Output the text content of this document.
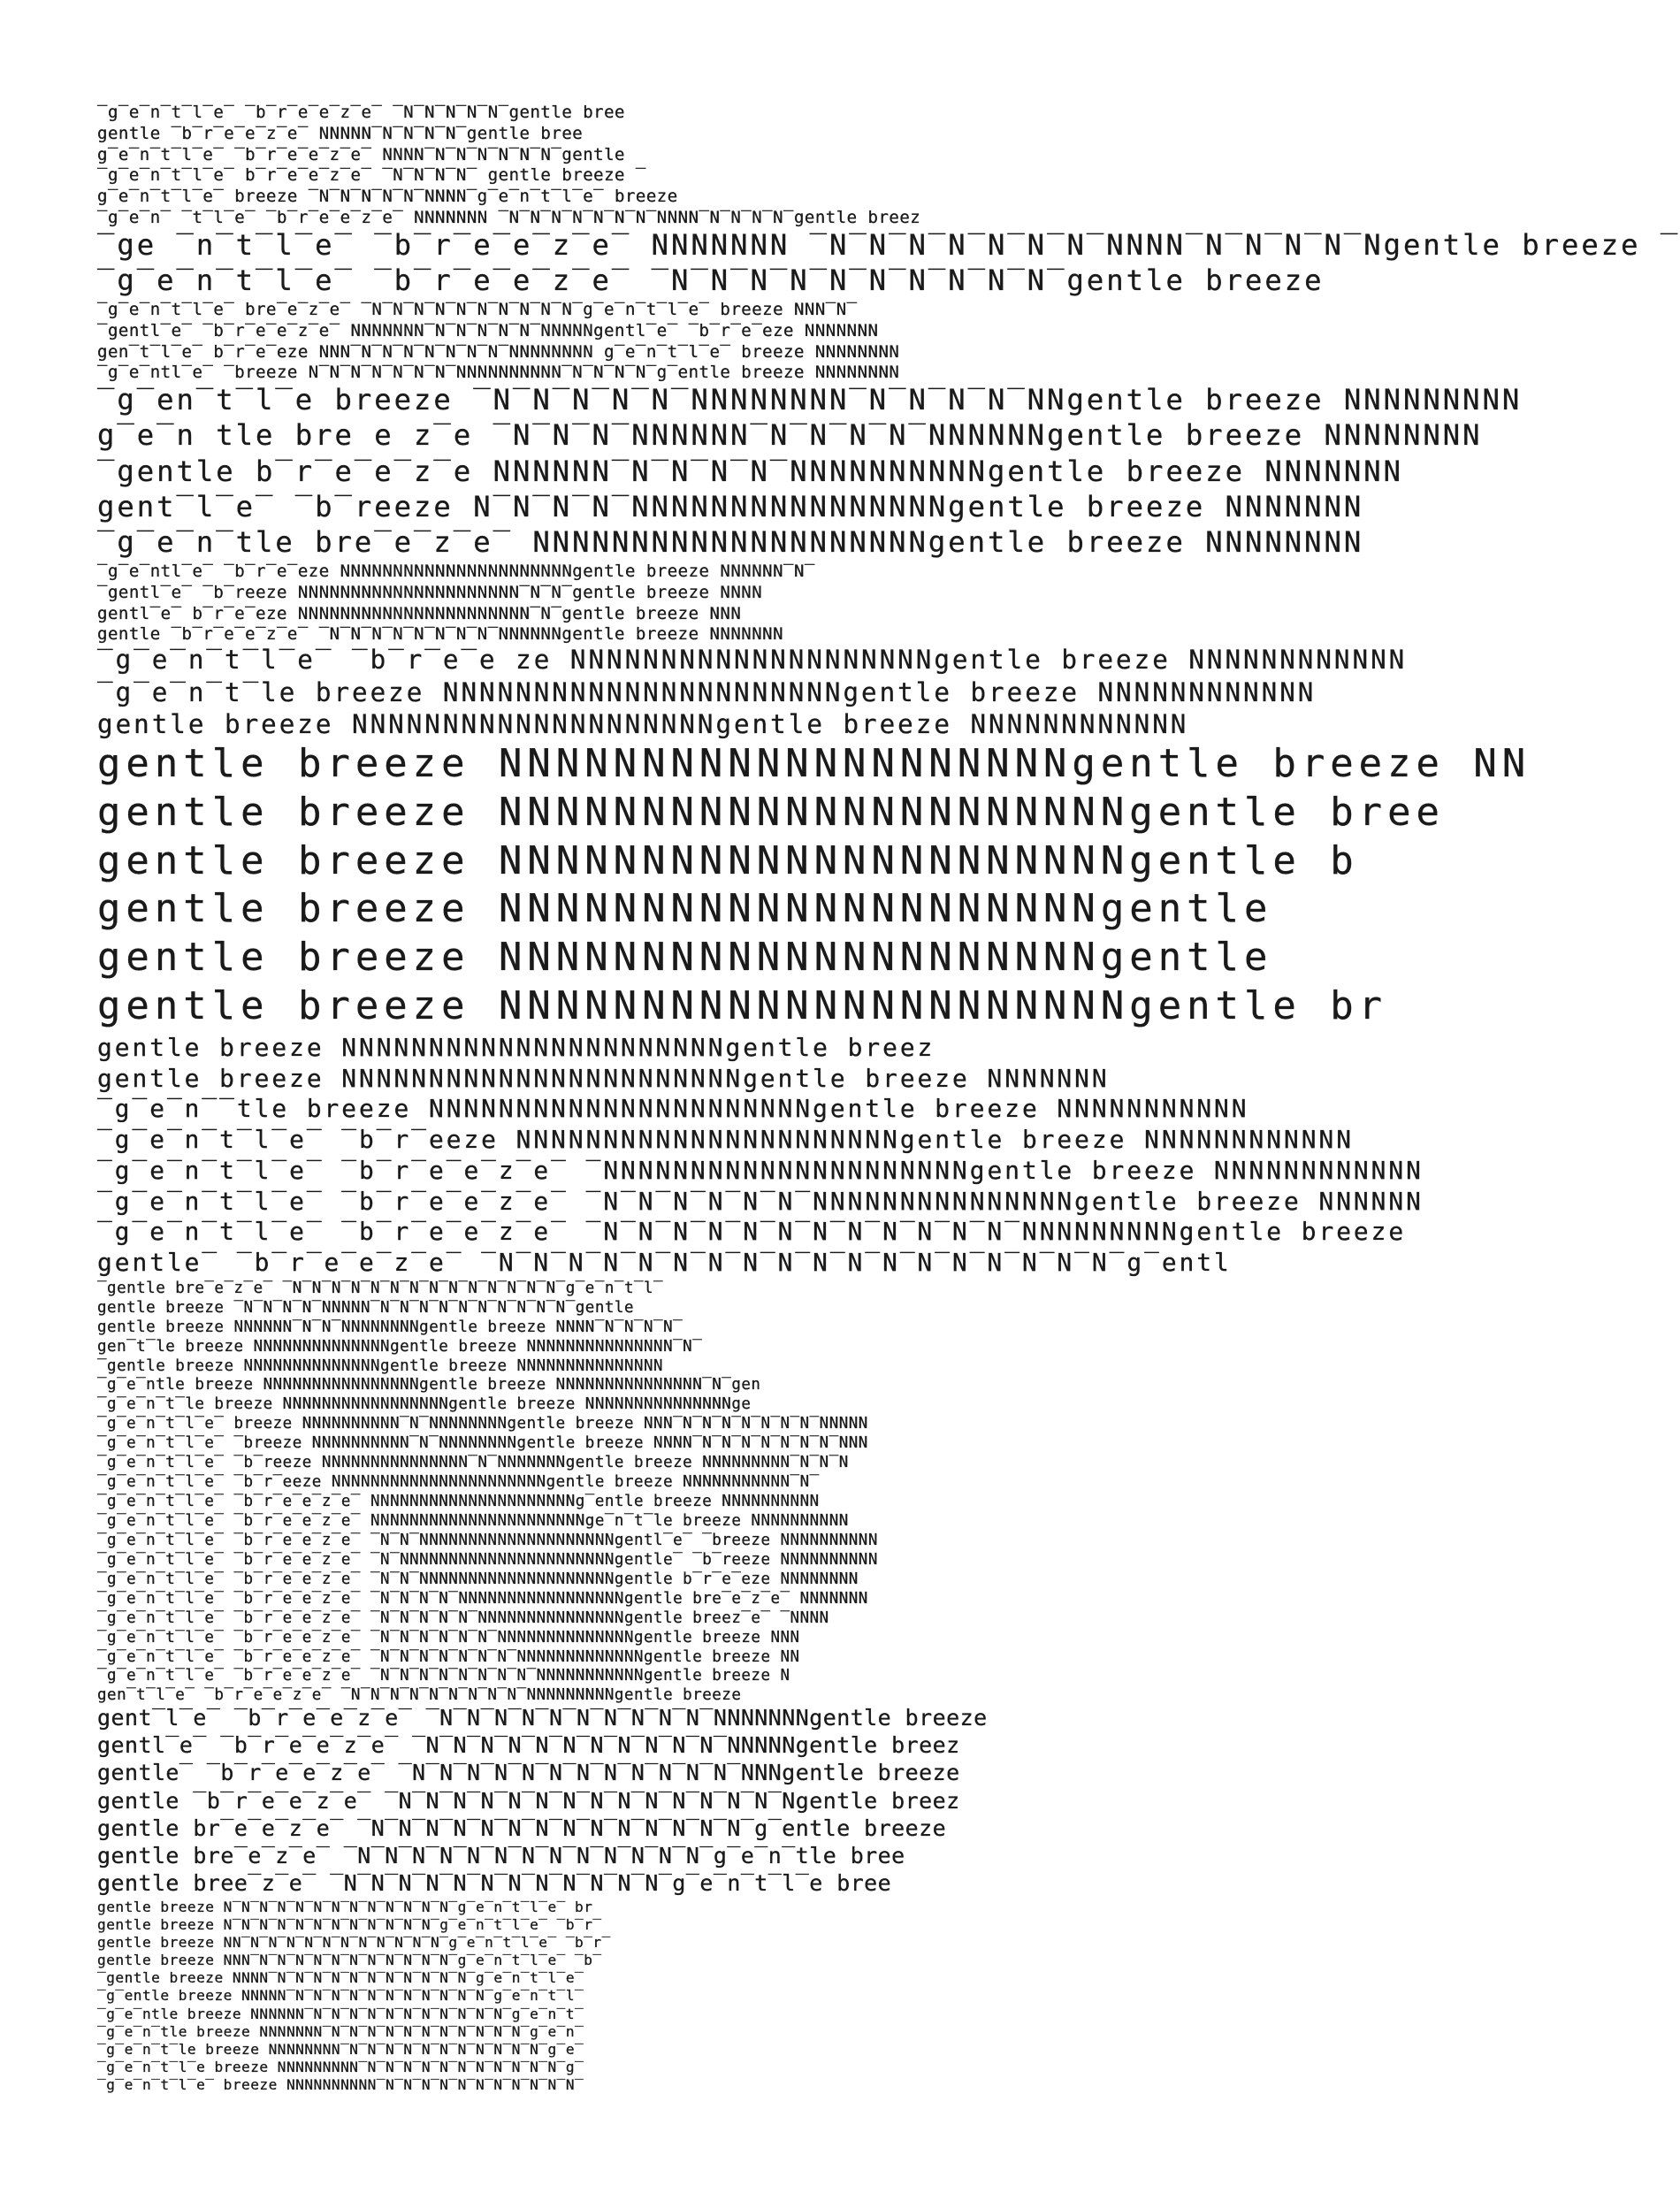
‾g‾e‾n‾t‾l‾e‾ ‾b‾r‾e‾e‾z‾e‾ ‾N‾N‾N‾N‾N‾gentle bree
gentle ‾b‾r‾e‾e‾z‾e‾ NNNNN‾N‾N‾N‾N‾gentle bree
g‾e‾n‾t‾l‾e‾ ‾b‾r‾e‾e‾z‾e‾ NNNN‾N‾N‾N‾N‾N‾N‾gentle
‾g‾e‾n‾t‾l‾e‾ b‾r‾e‾e‾z‾e‾ ‾N‾N‾N‾N‾ gentle breeze ‾
g‾e‾n‾t‾l‾e‾ breeze ‾N‾N‾N‾N‾N‾NNNN‾g‾e‾n‾t‾l‾e‾ breeze
‾g‾e‾n‾ ‾t‾l‾e‾ ‾b‾r‾e‾e‾z‾e‾ NNNNNNN ‾N‾N‾N‾N‾N‾N‾N‾NNNN‾N‾N‾N‾N‾gentle breez
‾ge ‾n‾t‾l‾e‾ ‾b‾r‾e‾e‾z‾e‾ NNNNNNN ‾N‾N‾N‾N‾N‾N‾N‾NNNN‾N‾N‾N‾N‾Ngentle breeze ‾
‾g‾e‾n‾t‾l‾e‾ ‾b‾r‾e‾e‾z‾e‾ ‾N‾N‾N‾N‾N‾N‾N‾N‾N‾N‾gentle breeze
‾g‾e‾n‾t‾l‾e‾ bre‾e‾z‾e‾ ‾N‾N‾N‾N‾N‾N‾N‾N‾N‾N‾g‾e‾n‾t‾l‾e‾ breeze NNN‾N‾
‾gentl‾e‾ ‾b‾r‾e‾e‾z‾e‾ NNNNNNN‾N‾N‾N‾N‾N‾NNNNNgentl‾e‾ ‾b‾r‾e‾eze NNNNNNN
gen‾t‾l‾e‾ b‾r‾e‾eze NNN‾N‾N‾N‾N‾N‾N‾N‾NNNNNNNN g‾e‾n‾t‾l‾e‾ breeze NNNNNNNN
‾g‾e‾ntl‾e‾ ‾breeze N‾N‾N‾N‾N‾N‾N‾NNNNNNNNNN‾N‾N‾N‾N‾g‾entle breeze NNNNNNNN
‾g‾en‾t‾l‾e breeze ‾N‾N‾N‾N‾N‾NNNNNNNN‾N‾N‾N‾N‾NNgentle breeze NNNNNNNNN
g‾e‾n tle bre e z‾e ‾N‾N‾N‾NNNNNN‾N‾N‾N‾N‾NNNNNNgentle breeze NNNNNNNN
‾gentle b‾r‾e‾e‾z‾e NNNNNN‾N‾N‾N‾N‾NNNNNNNNNNgentle breeze NNNNNNN
gent‾l‾e‾ ‾b‾reeze N‾N‾N‾N‾NNNNNNNNNNNNNNNNgentle breeze NNNNNNN
‾g‾e‾n‾tle bre‾e‾z‾e‾ NNNNNNNNNNNNNNNNNNNNgentle breeze NNNNNNNN
‾g‾e‾ntl‾e‾ ‾b‾r‾e‾eze NNNNNNNNNNNNNNNNNNNNNNgentle breeze NNNNNN‾N‾
‾gentl‾e‾ ‾b‾reeze NNNNNNNNNNNNNNNNNNNNN‾N‾N‾gentle breeze NNNN
gentl‾e‾ b‾r‾e‾eze NNNNNNNNNNNNNNNNNNNNNN‾N‾gentle breeze NNN
gentle ‾b‾r‾e‾e‾z‾e‾ ‾N‾N‾N‾N‾N‾N‾N‾N‾NNNNNNgentle breeze NNNNNNN
‾g‾e‾n‾t‾l‾e‾ ‾b‾r‾e‾e ze NNNNNNNNNNNNNNNNNNNNgentle breeze NNNNNNNNNNNN
‾g‾e‾n‾t‾le breeze NNNNNNNNNNNNNNNNNNNNNNgentle breeze NNNNNNNNNNNN
gentle breeze NNNNNNNNNNNNNNNNNNNNgentle breeze NNNNNNNNNNNN
gentle breeze NNNNNNNNNNNNNNNNNNNNgentle breeze NN
gentle breeze NNNNNNNNNNNNNNNNNNNNNNgentle bree
gentle breeze NNNNNNNNNNNNNNNNNNNNNNgentle b
gentle breeze NNNNNNNNNNNNNNNNNNNNNgentle
gentle breeze NNNNNNNNNNNNNNNNNNNNNgentle
gentle breeze NNNNNNNNNNNNNNNNNNNNNNgentle br
gentle breeze NNNNNNNNNNNNNNNNNNNNNNgentle breez
gentle breeze NNNNNNNNNNNNNNNNNNNNNNNgentle breeze NNNNNNN
‾g‾e‾n‾‾tle breeze NNNNNNNNNNNNNNNNNNNNNNgentle breeze NNNNNNNNNNN
‾g‾e‾n‾t‾l‾e‾ ‾b‾r‾eeze NNNNNNNNNNNNNNNNNNNNNNgentle breeze NNNNNNNNNNNN
‾g‾e‾n‾t‾l‾e‾ ‾b‾r‾e‾e‾z‾e‾ ‾NNNNNNNNNNNNNNNNNNNNNgentle breeze NNNNNNNNNNNN
‾g‾e‾n‾t‾l‾e‾ ‾b‾r‾e‾e‾z‾e‾ ‾N‾N‾N‾N‾N‾N‾NNNNNNNNNNNNNNNgentle breeze NNNNNN
‾g‾e‾n‾t‾l‾e‾ ‾b‾r‾e‾e‾z‾e‾ ‾N‾N‾N‾N‾N‾N‾N‾N‾N‾N‾N‾N‾NNNNNNNNNgentle breeze
gentle‾ ‾b‾r‾e‾e‾z‾e‾ ‾N‾N‾N‾N‾N‾N‾N‾N‾N‾N‾N‾N‾N‾N‾N‾N‾N‾N‾g‾entl
‾gentle bre‾e‾z‾e‾ ‾N‾N‾N‾N‾N‾N‾N‾N‾N‾N‾N‾N‾N‾N‾g‾e‾n‾t‾l‾
gentle breeze ‾N‾N‾N‾N‾NNNNN‾N‾N‾N‾N‾N‾N‾N‾N‾N‾N‾gentle
gentle breeze NNNNNN‾N‾N‾NNNNNNNNgentle breeze NNNN‾N‾N‾N‾N‾
gen‾t‾le breeze NNNNNNNNNNNNNNgentle breeze NNNNNNNNNNNNNNN‾N‾
‾gentle breeze NNNNNNNNNNNNNNgentle breeze NNNNNNNNNNNNNNN
‾g‾e‾ntle breeze NNNNNNNNNNNNNNNNgentle breeze NNNNNNNNNNNNNNN‾N‾gen
‾g‾e‾n‾t‾le breeze NNNNNNNNNNNNNNNNNgentle breeze NNNNNNNNNNNNNNNge
‾g‾e‾n‾t‾l‾e‾ breeze NNNNNNNNNN‾N‾NNNNNNNNgentle breeze NNN‾N‾N‾N‾N‾N‾N‾N‾NNNNN
‾g‾e‾n‾t‾l‾e‾ ‾breeze NNNNNNNNNN‾N‾NNNNNNNNgentle breeze NNNN‾N‾N‾N‾N‾N‾N‾N‾NNN
‾g‾e‾n‾t‾l‾e‾ ‾b‾reeze NNNNNNNNNNNNNNN‾N‾NNNNNNNgentle breeze NNNNNNNNN‾N‾N‾N
‾g‾e‾n‾t‾l‾e‾ ‾b‾r‾eeze NNNNNNNNNNNNNNNNNNNNNNgentle breeze NNNNNNNNNNN‾N‾
‾g‾e‾n‾t‾l‾e‾ ‾b‾r‾e‾e‾z‾e‾ NNNNNNNNNNNNNNNNNNNNNg‾entle breeze NNNNNNNNNN
‾g‾e‾n‾t‾l‾e‾ ‾b‾r‾e‾e‾z‾e‾ NNNNNNNNNNNNNNNNNNNNNNge‾n‾t‾le breeze NNNNNNNNNN
‾g‾e‾n‾t‾l‾e‾ ‾b‾r‾e‾e‾z‾e‾ ‾N‾N‾NNNNNNNNNNNNNNNNNNNNgentl‾e‾ ‾breeze NNNNNNNNNN
‾g‾e‾n‾t‾l‾e‾ ‾b‾r‾e‾e‾z‾e‾ ‾N‾NNNNNNNNNNNNNNNNNNNNNNgentle‾ ‾b‾reeze NNNNNNNNNN
‾g‾e‾n‾t‾l‾e‾ ‾b‾r‾e‾e‾z‾e‾ ‾N‾N‾NNNNNNNNNNNNNNNNNNNNgentle b‾r‾e‾eze NNNNNNNN
‾g‾e‾n‾t‾l‾e‾ ‾b‾r‾e‾e‾z‾e‾ ‾N‾N‾N‾N‾NNNNNNNNNNNNNNNNNgentle bre‾e‾z‾e‾ NNNNNNN
‾g‾e‾n‾t‾l‾e‾ ‾b‾r‾e‾e‾z‾e‾ ‾N‾N‾N‾N‾N‾NNNNNNNNNNNNNNNgentle breez‾e‾ ‾NNNN
‾g‾e‾n‾t‾l‾e‾ ‾b‾r‾e‾e‾z‾e‾ ‾N‾N‾N‾N‾N‾N‾NNNNNNNNNNNNNNgentle breeze NNN
‾g‾e‾n‾t‾l‾e‾ ‾b‾r‾e‾e‾z‾e‾ ‾N‾N‾N‾N‾N‾N‾N‾NNNNNNNNNNNNNgentle breeze NN
‾g‾e‾n‾t‾l‾e‾ ‾b‾r‾e‾e‾z‾e‾ ‾N‾N‾N‾N‾N‾N‾N‾N‾NNNNNNNNNNNgentle breeze N
gen‾t‾l‾e‾ ‾b‾r‾e‾e‾z‾e‾ ‾N‾N‾N‾N‾N‾N‾N‾N‾N‾NNNNNNNNNgentle breeze
gent‾l‾e‾ ‾b‾r‾e‾e‾z‾e‾ ‾N‾N‾N‾N‾N‾N‾N‾N‾N‾N‾NNNNNNNgentle breeze
gentl‾e‾ ‾b‾r‾e‾e‾z‾e‾ ‾N‾N‾N‾N‾N‾N‾N‾N‾N‾N‾N‾NNNNNgentle breez
gentle‾ ‾b‾r‾e‾e‾z‾e‾ ‾N‾N‾N‾N‾N‾N‾N‾N‾N‾N‾N‾N‾NNNgentle breeze
gentle ‾b‾r‾e‾e‾z‾e‾ ‾N‾N‾N‾N‾N‾N‾N‾N‾N‾N‾N‾N‾N‾N‾Ngentle breez
gentle br‾e‾e‾z‾e‾ ‾N‾N‾N‾N‾N‾N‾N‾N‾N‾N‾N‾N‾N‾N‾g‾entle breeze
gentle bre‾e‾z‾e‾ ‾N‾N‾N‾N‾N‾N‾N‾N‾N‾N‾N‾N‾N‾g‾e‾n‾tle bree
gentle bree‾z‾e‾ ‾N‾N‾N‾N‾N‾N‾N‾N‾N‾N‾N‾N‾g‾e‾n‾t‾l‾e bree
gentle breeze N‾N‾N‾N‾N‾N‾N‾N‾N‾N‾N‾N‾N‾g‾e‾n‾t‾l‾e‾ br
gentle breeze N‾N‾N‾N‾N‾N‾N‾N‾N‾N‾N‾N‾g‾e‾n‾t‾l‾e‾ ‾b‾r‾
gentle breeze NN‾N‾N‾N‾N‾N‾N‾N‾N‾N‾N‾N‾g‾e‾n‾t‾l‾e‾ ‾b‾r‾
gentle breeze NNN‾N‾N‾N‾N‾N‾N‾N‾N‾N‾N‾N‾g‾e‾n‾t‾l‾e‾ ‾b‾
‾gentle breeze NNNN‾N‾N‾N‾N‾N‾N‾N‾N‾N‾N‾N‾g‾e‾n‾t‾l‾e‾
‾g‾entle breeze NNNNN‾N‾N‾N‾N‾N‾N‾N‾N‾N‾N‾N‾g‾e‾n‾t‾l‾
‾g‾e‾ntle breeze NNNNNN‾N‾N‾N‾N‾N‾N‾N‾N‾N‾N‾N‾g‾e‾n‾t‾
‾g‾e‾n‾tle breeze NNNNNNN‾N‾N‾N‾N‾N‾N‾N‾N‾N‾N‾N‾g‾e‾n‾
‾g‾e‾n‾t‾le breeze NNNNNNNN‾N‾N‾N‾N‾N‾N‾N‾N‾N‾N‾N‾g‾e‾
‾g‾e‾n‾t‾l‾e breeze NNNNNNNNN‾N‾N‾N‾N‾N‾N‾N‾N‾N‾N‾N‾g‾
‾g‾e‾n‾t‾l‾e‾ breeze NNNNNNNNNN‾N‾N‾N‾N‾N‾N‾N‾N‾N‾N‾N‾
